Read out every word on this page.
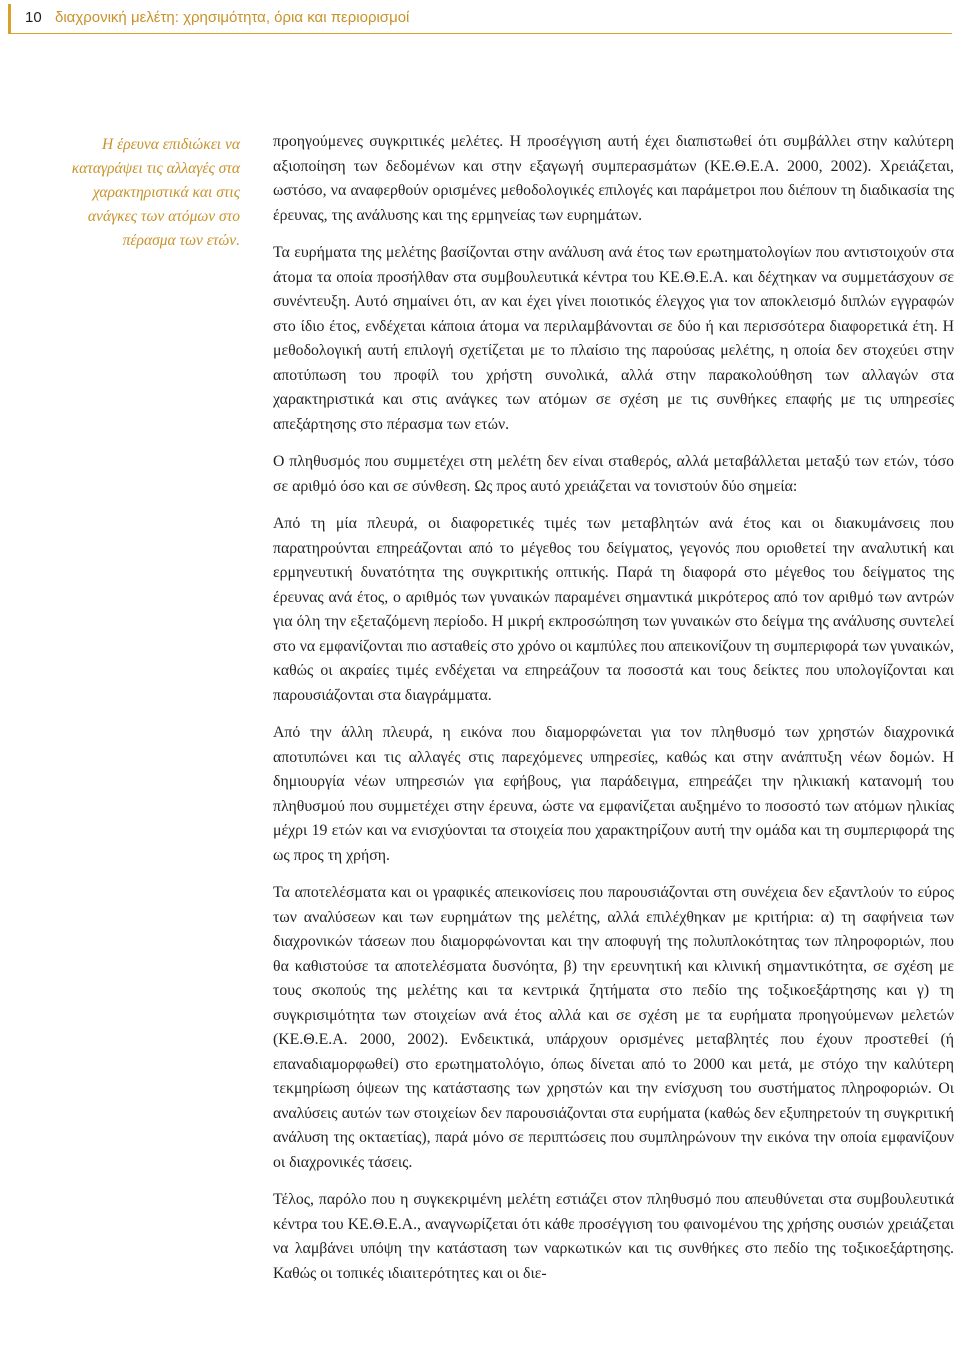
10 διαχρονική μελέτη: χρησιμότητα, όρια και περιορισμοί
Η έρευνα επιδιώκει να καταγράψει τις αλλαγές στα χαρακτηριστικά και στις ανάγκες των ατόμων στο πέρασμα των ετών.

προηγούμενες συγκριτικές μελέτες. Η προσέγγιση αυτή έχει διαπιστωθεί ότι συμβάλλει στην καλύτερη αξιοποίηση των δεδομένων και στην εξαγωγή συμπερασμάτων (ΚΕ.Θ.Ε.Α. 2000, 2002). Χρειάζεται, ωστόσο, να αναφερθούν ορισμένες μεθοδολογικές επιλογές και παράμετροι που διέπουν τη διαδικασία της έρευνας, της ανάλυσης και της ερμηνείας των ευρημάτων.

Τα ευρήματα της μελέτης βασίζονται στην ανάλυση ανά έτος των ερωτηματολογίων που αντιστοιχούν στα άτομα τα οποία προσήλθαν στα συμβουλευτικά κέντρα του ΚΕ.Θ.Ε.Α. και δέχτηκαν να συμμετάσχουν σε συνέντευξη. Αυτό σημαίνει ότι, αν και έχει γίνει ποιοτικός έλεγχος για τον αποκλεισμό διπλών εγγραφών στο ίδιο έτος, ενδέχεται κάποια άτομα να περιλαμβάνονται σε δύο ή και περισσότερα διαφορετικά έτη. Η μεθοδολογική αυτή επιλογή σχετίζεται με το πλαίσιο της παρούσας μελέτης, η οποία δεν στοχεύει στην αποτύπωση του προφίλ του χρήστη συνολικά, αλλά στην παρακολούθηση των αλλαγών στα χαρακτηριστικά και στις ανάγκες των ατόμων σε σχέση με τις συνθήκες επαφής με τις υπηρεσίες απεξάρτησης στο πέρασμα των ετών.

Ο πληθυσμός που συμμετέχει στη μελέτη δεν είναι σταθερός, αλλά μεταβάλλεται μεταξύ των ετών, τόσο σε αριθμό όσο και σε σύνθεση. Ως προς αυτό χρειάζεται να τονιστούν δύο σημεία:

Από τη μία πλευρά, οι διαφορετικές τιμές των μεταβλητών ανά έτος και οι διακυμάνσεις που παρατηρούνται επηρεάζονται από το μέγεθος του δείγματος, γεγονός που οριοθετεί την αναλυτική και ερμηνευτική δυνατότητα της συγκριτικής οπτικής. Παρά τη διαφορά στο μέγεθος του δείγματος της έρευνας ανά έτος, ο αριθμός των γυναικών παραμένει σημαντικά μικρότερος από τον αριθμό των αντρών για όλη την εξεταζόμενη περίοδο. Η μικρή εκπροσώπηση των γυναικών στο δείγμα της ανάλυσης συντελεί στο να εμφανίζονται πιο ασταθείς στο χρόνο οι καμπύλες που απεικονίζουν τη συμπεριφορά των γυναικών, καθώς οι ακραίες τιμές ενδέχεται να επηρεάζουν τα ποσοστά και τους δείκτες που υπολογίζονται και παρουσιάζονται στα διαγράμματα.

Από την άλλη πλευρά, η εικόνα που διαμορφώνεται για τον πληθυσμό των χρηστών διαχρονικά αποτυπώνει και τις αλλαγές στις παρεχόμενες υπηρεσίες, καθώς και στην ανάπτυξη νέων δομών. Η δημιουργία νέων υπηρεσιών για εφήβους, για παράδειγμα, επηρεάζει την ηλικιακή κατανομή του πληθυσμού που συμμετέχει στην έρευνα, ώστε να εμφανίζεται αυξημένο το ποσοστό των ατόμων ηλικίας μέχρι 19 ετών και να ενισχύονται τα στοιχεία που χαρακτηρίζουν αυτή την ομάδα και τη συμπεριφορά της ως προς τη χρήση.

Τα αποτελέσματα και οι γραφικές απεικονίσεις που παρουσιάζονται στη συνέχεια δεν εξαντλούν το εύρος των αναλύσεων και των ευρημάτων της μελέτης, αλλά επιλέχθηκαν με κριτήρια: α) τη σαφήνεια των διαχρονικών τάσεων που διαμορφώνονται και την αποφυγή της πολυπλοκότητας των πληροφοριών, που θα καθιστούσε τα αποτελέσματα δυσνόητα, β) την ερευνητική και κλινική σημαντικότητα, σε σχέση με τους σκοπούς της μελέτης και τα κεντρικά ζητήματα στο πεδίο της τοξικοεξάρτησης και γ) τη συγκρισιμότητα των στοιχείων ανά έτος αλλά και σε σχέση με τα ευρήματα προηγούμενων μελετών (ΚΕ.Θ.Ε.Α. 2000, 2002). Ενδεικτικά, υπάρχουν ορισμένες μεταβλητές που έχουν προστεθεί (ή επαναδιαμορφωθεί) στο ερωτηματολόγιο, όπως δίνεται από το 2000 και μετά, με στόχο την καλύτερη τεκμηρίωση όψεων της κατάστασης των χρηστών και την ενίσχυση του συστήματος πληροφοριών. Οι αναλύσεις αυτών των στοιχείων δεν παρουσιάζονται στα ευρήματα (καθώς δεν εξυπηρετούν τη συγκριτική ανάλυση της οκταετίας), παρά μόνο σε περιπτώσεις που συμπληρώνουν την εικόνα την οποία εμφανίζουν οι διαχρονικές τάσεις.

Τέλος, παρόλο που η συγκεκριμένη μελέτη εστιάζει στον πληθυσμό που απευθύνεται στα συμβουλευτικά κέντρα του ΚΕ.Θ.Ε.Α., αναγνωρίζεται ότι κάθε προσέγγιση του φαινομένου της χρήσης ουσιών χρειάζεται να λαμβάνει υπόψη την κατάσταση των ναρκωτικών και τις συνθήκες στο πεδίο της τοξικοεξάρτησης. Καθώς οι τοπικές ιδιαιτερότητες και οι διε-
